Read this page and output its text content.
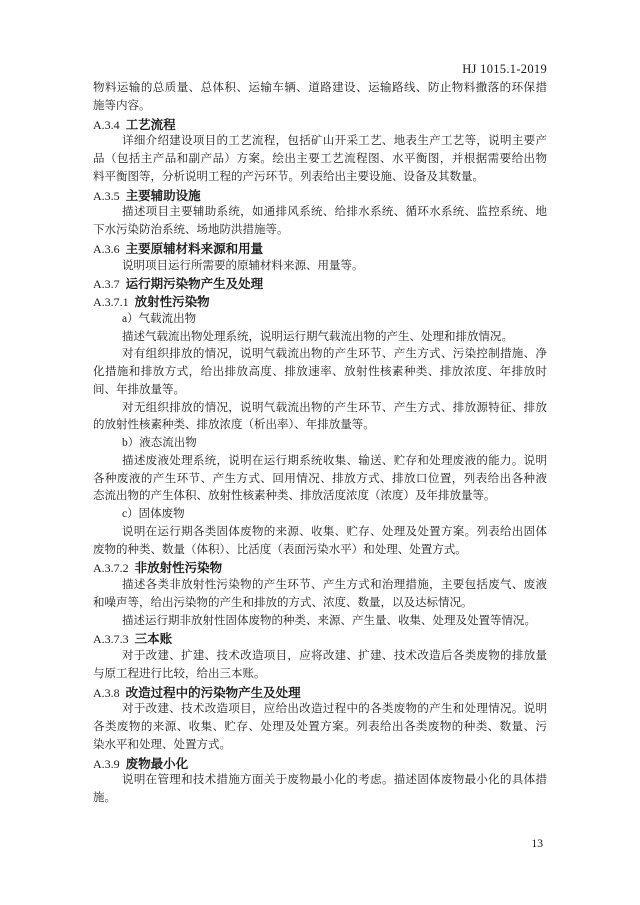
HJ 1015.1-2019
物料运输的总质量、总体积、运输车辆、道路建设、运输路线、防止物料撒落的环保措
施等内容。
A.3.4 工艺流程
详细介绍建设项目的工艺流程，包括矿山开采工艺、地表生产工艺等，说明主要产
品（包括主产品和副产品）方案。绘出主要工艺流程图、水平衡图，并根据需要给出物
料平衡图等，分析说明工程的产污环节。列表给出主要设施、设备及其数量。
A.3.5 主要辅助设施
描述项目主要辅助系统，如通排风系统、给排水系统、循环水系统、监控系统、地
下水污染防治系统、场地防洪措施等。
A.3.6 主要原辅材料来源和用量
说明项目运行所需要的原辅材料来源、用量等。
A.3.7 运行期污染物产生及处理
A.3.7.1 放射性污染物
a）气载流出物
描述气载流出物处理系统，说明运行期气载流出物的产生、处理和排放情况。
对有组织排放的情况，说明气载流出物的产生环节、产生方式、污染控制措施、净
化措施和排放方式，给出排放高度、排放速率、放射性核素种类、排放浓度、年排放时
间、年排放量等。
对无组织排放的情况，说明气载流出物的产生环节、产生方式、排放源特征、排放
的放射性核素种类、排放浓度（析出率）、年排放量等。
b）液态流出物
描述废液处理系统，说明在运行期系统收集、输送、贮存和处理废液的能力。说明
各种废液的产生环节、产生方式、回用情况、排放方式、排放口位置，列表给出各种液
态流出物的产生体积、放射性核素种类、排放活度浓度（浓度）及年排放量等。
c）固体废物
说明在运行期各类固体废物的来源、收集、贮存、处理及处置方案。列表给出固体
废物的种类、数量（体积）、比活度（表面污染水平）和处理、处置方式。
A.3.7.2 非放射性污染物
描述各类非放射性污染物的产生环节、产生方式和治理措施，主要包括废气、废液
和噪声等，给出污染物的产生和排放的方式、浓度、数量，以及达标情况。
描述运行期非放射性固体废物的种类、来源、产生量、收集、处理及处置等情况。
A.3.7.3 三本账
对于改建、扩建、技术改造项目，应将改建、扩建、技术改造后各类废物的排放量
与原工程进行比较，给出三本账。
A.3.8 改造过程中的污染物产生及处理
对于改建、技术改造项目，应给出改造过程中的各类废物的产生和处理情况。说明
各类废物的来源、收集、贮存、处理及处置方案。列表给出各类废物的种类、数量、污
染水平和处理、处置方式。
A.3.9 废物最小化
说明在管理和技术措施方面关于废物最小化的考虑。描述固体废物最小化的具体措
施。
13
